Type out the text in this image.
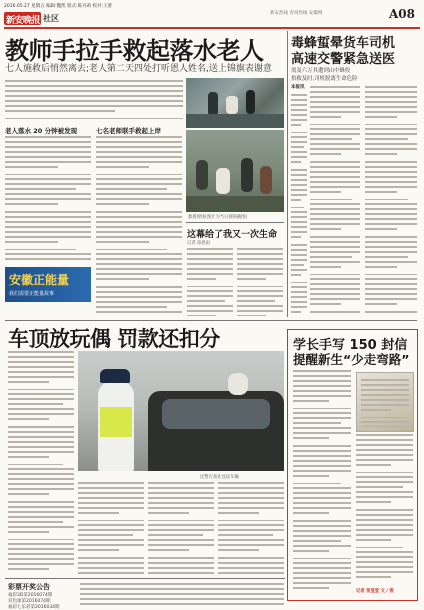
2016.05.27 星期五 编辑:魏凯 版式:陈丹莉 校对:王蕾
新安晚报 社区	新安热线 咨询热线 安徽网	A08
教师手拉手救起落水老人
七人施救后悄然离去;老人第二天四处打听恩人姓名,送上锦旗表谢意
老人落水 20 分钟被发现	七名老师联手救起上岸
救援现场(图片为当日视频截图)
这幕给了我又一次生命
记者 徐思雨
安徽正能量
我们需要正能量故事
毒蜂蜇晕货车司机
高速交警紧急送医
需及六万其遭到山中蜂投
拾救及时,司机脱离生命危险
本报讯
车顶放玩偶 罚款还扣分
民警在查处违法车辆
学长手写 150 封信
提醒新生“少走弯路”
记者 张莹莹 文 / 图
彩票开奖公告
福彩3D第2016074期
双色球第2016074期
福彩七乐彩第2016034期
